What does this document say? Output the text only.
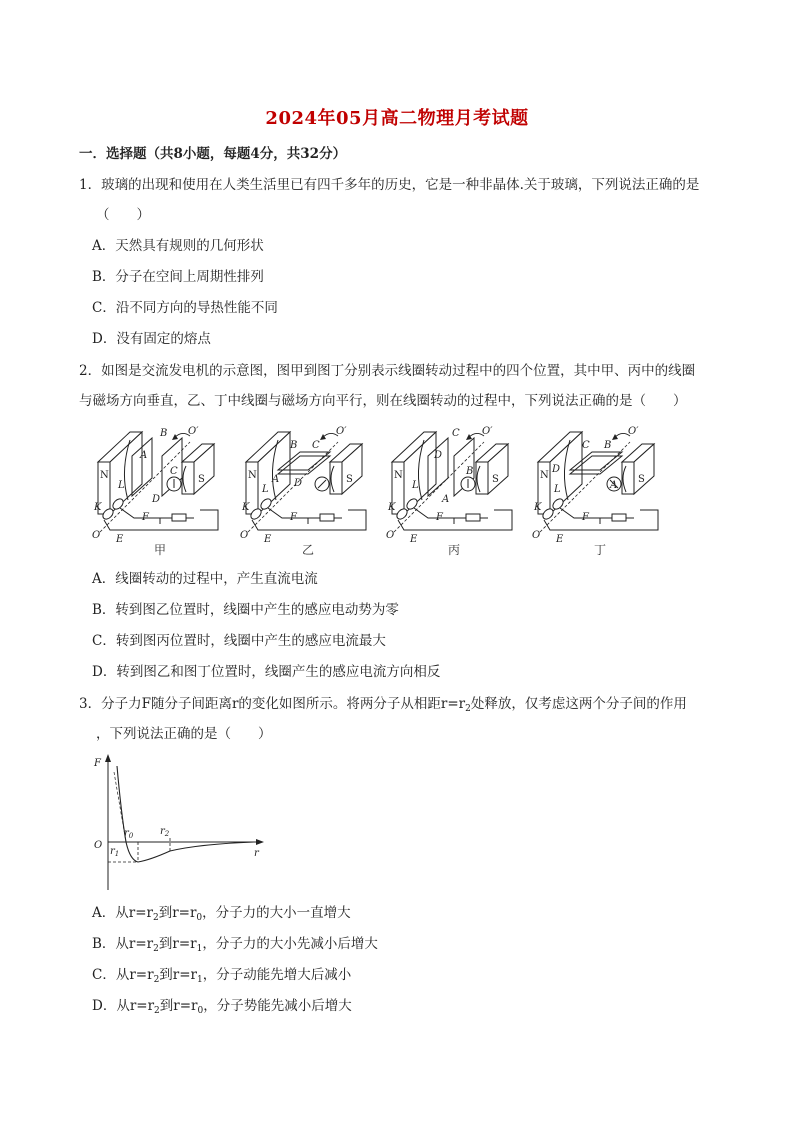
2024年05月高二物理月考试题
一．选择题（共8小题，每题4分，共32分）
1．玻璃的出现和使用在人类生活里已有四千多年的历史，它是一种非晶体.关于玻璃，下列说法正确的是
（　　）
A．天然具有规则的几何形状
B．分子在空间上周期性排列
C．沿不同方向的导热性能不同
D．没有固定的熔点
2．如图是交流发电机的示意图，图甲到图丁分别表示线圈转动过程中的四个位置，其中甲、丙中的线圈
与磁场方向垂直，乙、丁中线圈与磁场方向平行，则在线圈转动的过程中，下列说法正确的是（　　）
N	S
B
A
C
D
L
K
F
O E
O′
N	S
B C
A D
L
K
F
O E
O′
N	S
C
D
B
A
L
K
F
O E
O′
N	S
C B
D
A
L
K
F
O E
O′
甲	乙	丙	丁
A．线圈转动的过程中，产生直流电流
B．转到图乙位置时，线圈中产生的感应电动势为零
C．转到图丙位置时，线圈中产生的感应电流最大
D．转到图乙和图丁位置时，线圈产生的感应电流方向相反
3．分子力F随分子间距离r的变化如图所示。将两分子从相距$r=r_2$处释放，仅考虑这两个分子间的作用
，下列说法正确的是（　　）
F
r
O
$r_0$
$r_1$
$r_2$
A．从$r=r_2$到$r=r_0$，分子力的大小一直增大
B．从$r=r_2$到$r=r_1$，分子力的大小先减小后增大
C．从$r=r_2$到$r=r_1$，分子动能先增大后减小
D．从$r=r_2$到$r=r_0$，分子势能先减小后增大
